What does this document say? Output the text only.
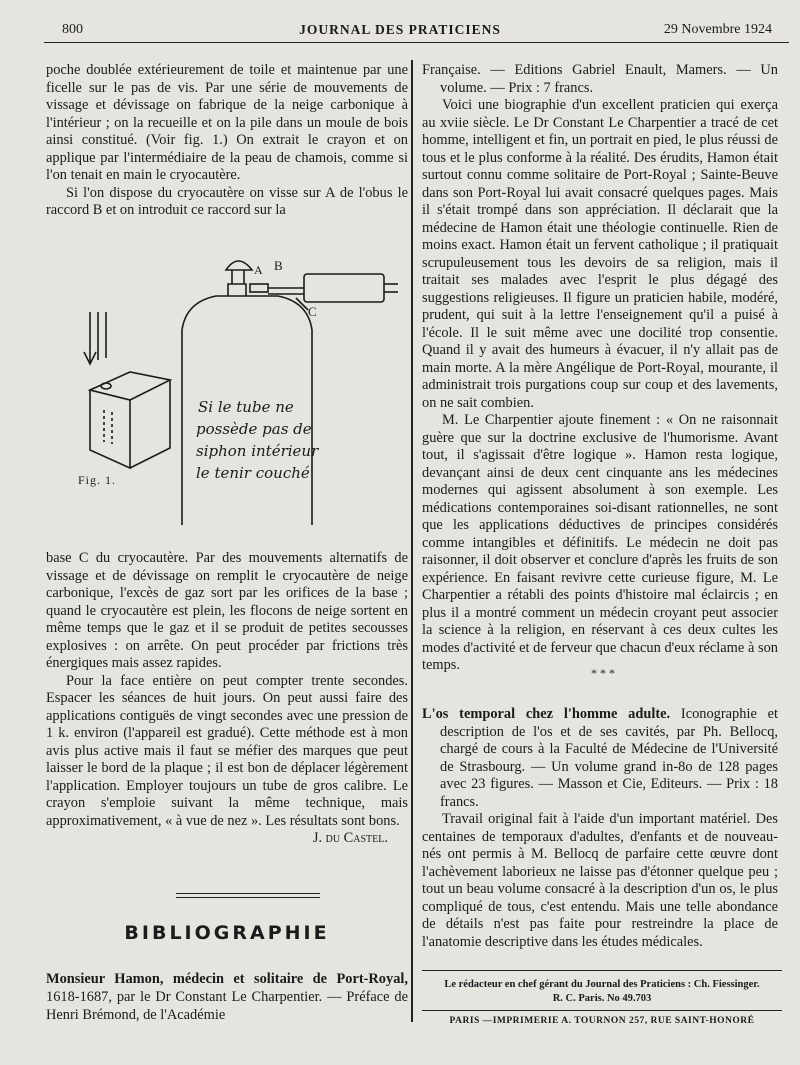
800	JOURNAL DES PRATICIENS	29 Novembre 1924

poche doublée extérieurement de toile et maintenue par une ficelle sur le pas de vis. Par une série de mouvements de vissage et dévissage on fabrique de la neige carbonique à l'intérieur ; on la recueille et on la pile dans un moule de bois ainsi constitué. (Voir fig. 1.) On extrait le crayon et on applique par l'intermédiaire de la peau de chamois, comme si l'on tenait en main le cryocautère.

Si l'on dispose du cryocautère on visse sur A de l'obus le raccord B et on introduit ce raccord sur la

A B
C
Si le tube ne
possède pas de
siphon intérieur
le tenir couché
Fig. 1.

base C du cryocautère. Par des mouvements alternatifs de vissage et de dévissage on remplit le cryocautère de neige carbonique, l'excès de gaz sort par les orifices de la base ; quand le cryocautère est plein, les flocons de neige sortent en même temps que le gaz et il se produit de petites secousses explosives : on arrête. On peut procéder par frictions très énergiques mais assez rapides.

Pour la face entière on peut compter trente secondes. Espacer les séances de huit jours. On peut aussi faire des applications contiguës de vingt secondes avec une pression de 1 k. environ (l'appareil est gradué). Cette méthode est à mon avis plus active mais il faut se méfier des marques que peut laisser le bord de la plaque ; il est bon de déplacer légèrement l'application. Employer toujours un tube de gros calibre. Le crayon s'emploie suivant la même technique, mais approximativement, « à vue de nez ». Les résultats sont bons.

J. du Castel.

BIBLIOGRAPHIE
Monsieur Hamon, médecin et solitaire de Port-Royal, 1618-1687, par le Dr Constant Le Charpentier. — Préface de Henri Brémond, de l'Académie

Française. — Editions Gabriel Enault, Mamers. — Un volume. — Prix : 7 francs.

Voici une biographie d'un excellent praticien qui exerça au xviie siècle. Le Dr Constant Le Charpentier a tracé de cet homme, intelligent et fin, un portrait en pied, le plus réussi de tous et le plus conforme à la réalité. Des érudits, Hamon était surtout connu comme solitaire de Port-Royal ; Sainte-Beuve dans son Port-Royal lui avait consacré quelques pages. Mais il s'était trompé dans son appréciation. Il déclarait que la médecine de Hamon était une théologie continuelle. Rien de moins exact. Hamon était un fervent catholique ; il pratiquait scrupuleusement tous les devoirs de sa religion, mais il traitait ses malades avec l'esprit le plus dégagé des suggestions religieuses. Il figure un praticien habile, modéré, prudent, qui suit à la lettre l'enseignement qu'il a puisé à l'école. Il le suit même avec une docilité trop consentie. Quand il y avait des humeurs à évacuer, il n'y allait pas de main morte. A la mère Angélique de Port-Royal, mourante, il administrait trois purgations coup sur coup et des lavements, on ne sait combien.

M. Le Charpentier ajoute finement : « On ne raisonnait guère que sur la doctrine exclusive de l'humorisme. Avant tout, il s'agissait d'être logique ». Hamon resta logique, devançant ainsi de deux cent cinquante ans les médecines modernes qui agissent absolument à son exemple. Les médications contemporaines soi-disant rationnelles, ne sont que les applications déductives de principes considérés comme intangibles et définitifs. Le médecin ne doit pas raisonner, il doit observer et conclure d'après les fruits de son expérience. En faisant revivre cette curieuse figure, M. Le Charpentier a rétabli des points d'histoire mal éclaircis ; en plus il a montré comment un médecin croyant peut associer la science à la religion, en réservant à ces deux cultes les modes d'activité et de ferveur que chacun d'eux réclame à son temps.	* * *

L'os temporal chez l'homme adulte. Iconographie et description de l'os et de ses cavités, par Ph. Bellocq, chargé de cours à la Faculté de Médecine de l'Université de Strasbourg. — Un volume grand in-8o de 128 pages avec 23 figures. — Masson et Cie, Editeurs. — Prix : 18 francs.

Travail original fait à l'aide d'un important matériel. Des centaines de temporaux d'adultes, d'enfants et de nouveau-nés ont permis à M. Bellocq de parfaire cette œuvre dont l'achèvement laborieux ne laisse pas d'étonner quelque peu ; tout un beau volume consacré à la description d'un os, le plus compliqué de tous, c'est entendu. Mais une telle abondance de détails n'est pas faite pour restreindre la place de l'anatomie descriptive dans les études médicales.

Le rédacteur en chef gérant du Journal des Praticiens : Ch. Fiessinger.
R. C. Paris. No 49.703
PARIS —IMPRIMERIE A. TOURNON 257, RUE SAINT-HONORÉ
